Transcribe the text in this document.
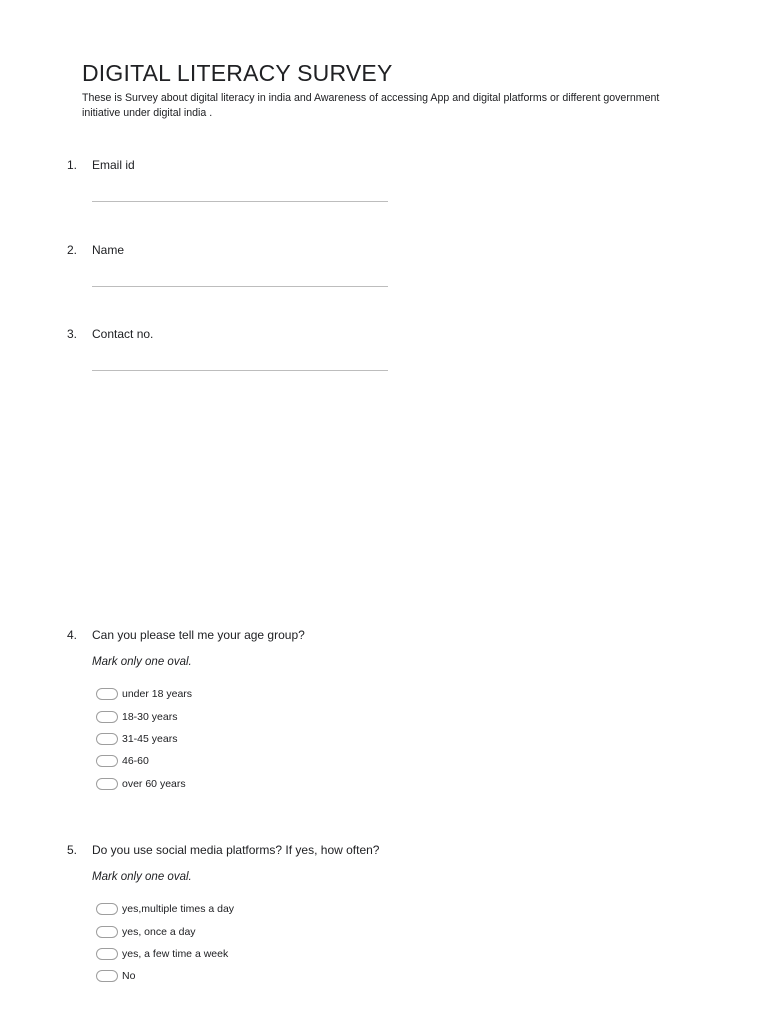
DIGITAL LITERACY SURVEY
These is Survey about digital literacy in india and Awareness of accessing App and digital platforms or different government initiative under digital india .
1. Email id
2. Name
3. Contact no.
4. Can you please tell me your age group?
Mark only one oval.
under 18 years
18-30 years
31-45 years
46-60
over 60 years
5. Do you use social media platforms? If yes, how often?
Mark only one oval.
yes,multiple times a day
yes, once a day
yes, a few time a week
No
